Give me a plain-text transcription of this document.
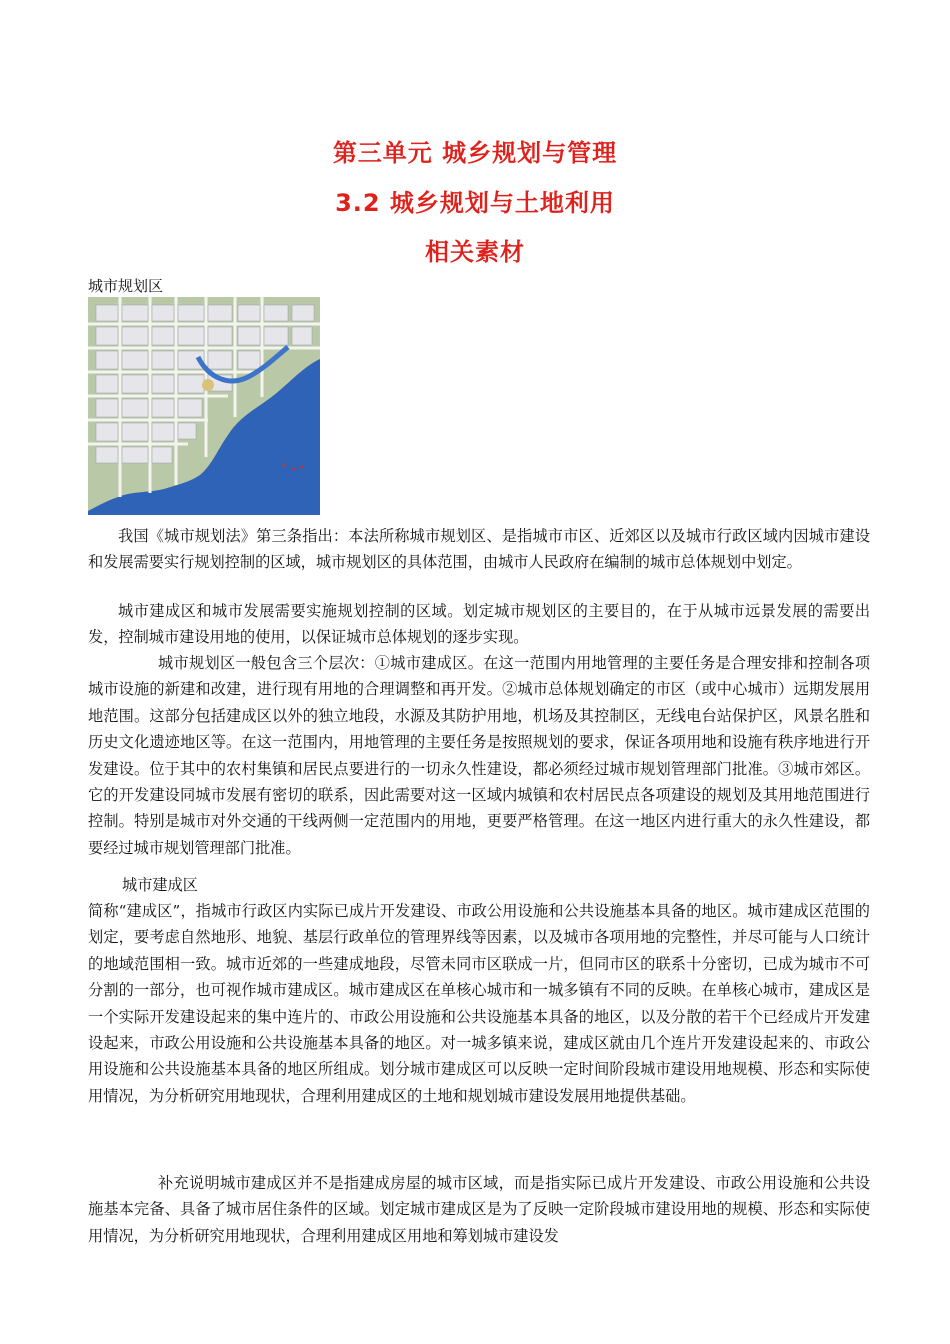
第三单元 城乡规划与管理
3.2 城乡规划与土地利用
相关素材
城市规划区

我国《城市规划法》第三条指出：本法所称城市规划区、是指城市市区、近郊区以及城市行政区域内因城市建设和发展需要实行规划控制的区域，城市规划区的具体范围，由城市人民政府在编制的城市总体规划中划定。

城市建成区和城市发展需要实施规划控制的区域。划定城市规划区的主要目的，在于从城市远景发展的需要出发，控制城市建设用地的使用，以保证城市总体规划的逐步实现。

城市规划区一般包含三个层次：①城市建成区。在这一范围内用地管理的主要任务是合理安排和控制各项城市设施的新建和改建，进行现有用地的合理调整和再开发。②城市总体规划确定的市区（或中心城市）远期发展用地范围。这部分包括建成区以外的独立地段，水源及其防护用地，机场及其控制区，无线电台站保护区，风景名胜和历史文化遗迹地区等。在这一范围内，用地管理的主要任务是按照规划的要求，保证各项用地和设施有秩序地进行开发建设。位于其中的农村集镇和居民点要进行的一切永久性建设，都必须经过城市规划管理部门批准。③城市郊区。它的开发建设同城市发展有密切的联系，因此需要对这一区域内城镇和农村居民点各项建设的规划及其用地范围进行控制。特别是城市对外交通的干线两侧一定范围内的用地，更要严格管理。在这一地区内进行重大的永久性建设，都要经过城市规划管理部门批准。

城市建成区

简称“建成区”，指城市行政区内实际已成片开发建设、市政公用设施和公共设施基本具备的地区。城市建成区范围的划定，要考虑自然地形、地貌、基层行政单位的管理界线等因素，以及城市各项用地的完整性，并尽可能与人口统计的地域范围相一致。城市近郊的一些建成地段，尽管未同市区联成一片，但同市区的联系十分密切，已成为城市不可分割的一部分，也可视作城市建成区。城市建成区在单核心城市和一城多镇有不同的反映。在单核心城市，建成区是一个实际开发建设起来的集中连片的、市政公用设施和公共设施基本具备的地区，以及分散的若干个已经成片开发建设起来，市政公用设施和公共设施基本具备的地区。对一城多镇来说，建成区就由几个连片开发建设起来的、市政公用设施和公共设施基本具备的地区所组成。划分城市建成区可以反映一定时间阶段城市建设用地规模、形态和实际使用情况，为分析研究用地现状，合理利用建成区的土地和规划城市建设发展用地提供基础。

补充说明城市建成区并不是指建成房屋的城市区域，而是指实际已成片开发建设、市政公用设施和公共设施基本完备、具备了城市居住条件的区域。划定城市建成区是为了反映一定阶段城市建设用地的规模、形态和实际使用情况，为分析研究用地现状，合理利用建成区用地和筹划城市建设发
